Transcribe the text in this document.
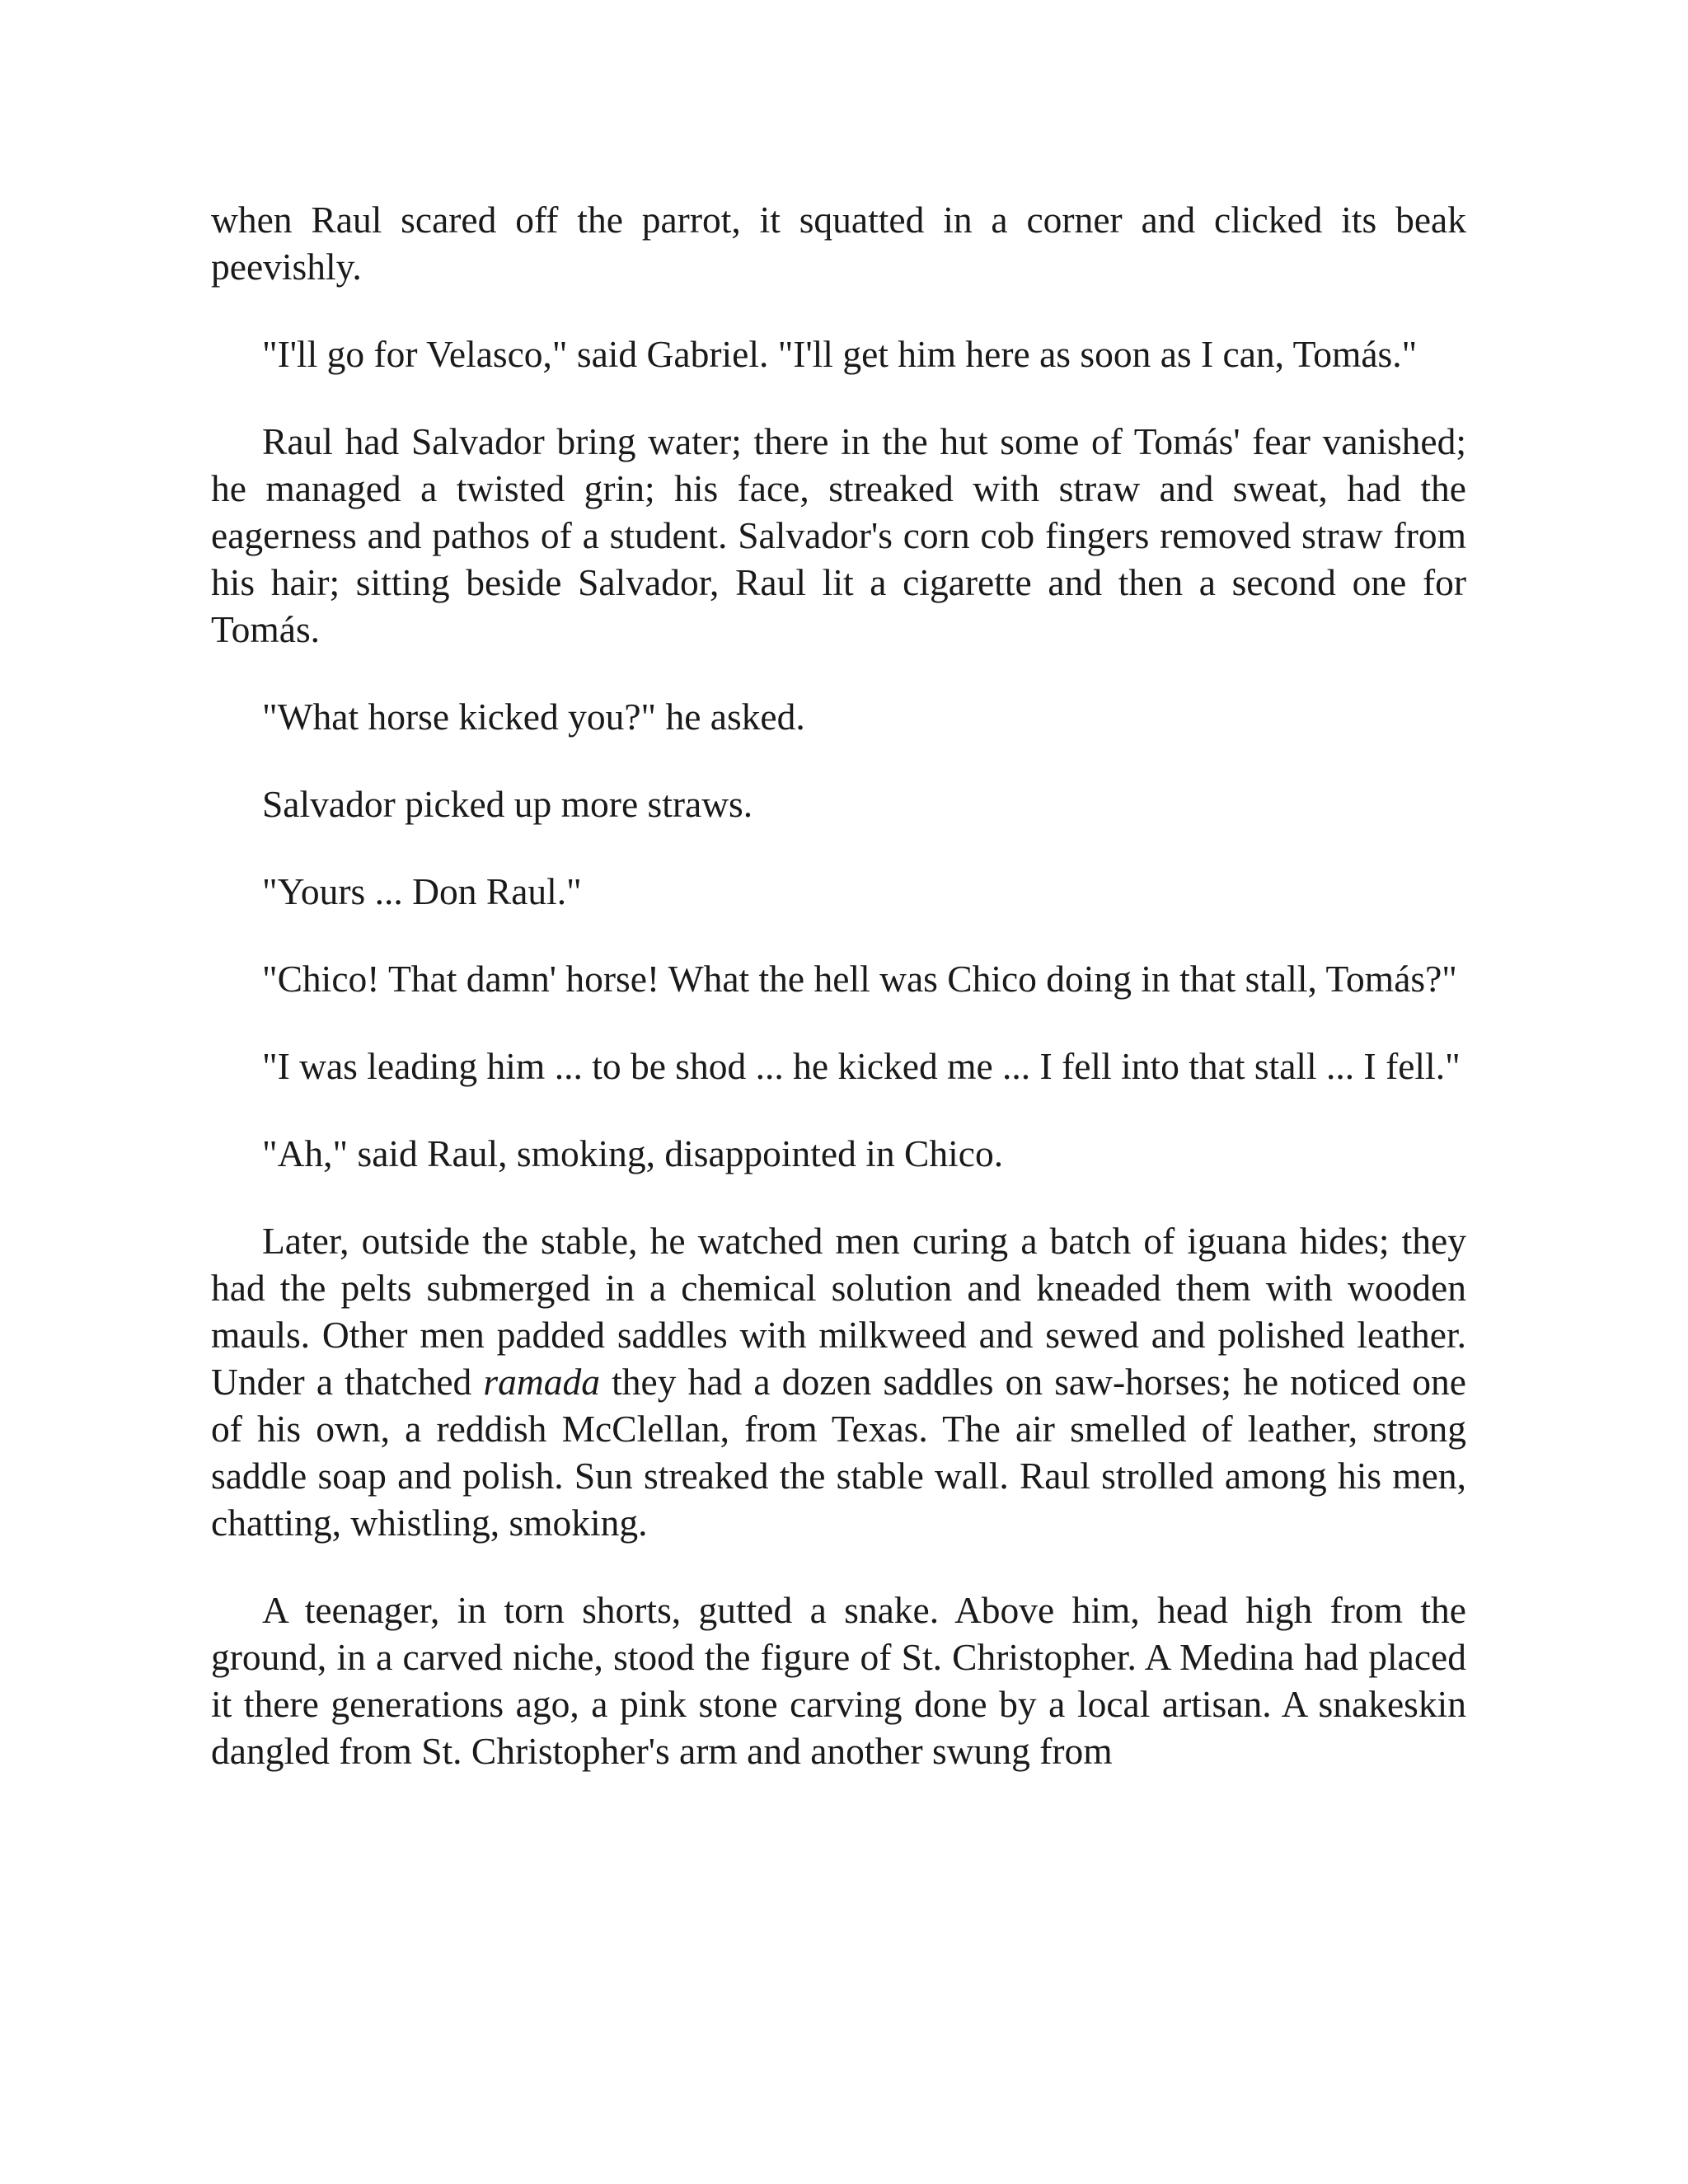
when Raul scared off the parrot, it squatted in a corner and clicked its beak peevishly.

"I'll go for Velasco," said Gabriel. "I'll get him here as soon as I can, Tomás."

Raul had Salvador bring water; there in the hut some of Tomás' fear vanished; he managed a twisted grin; his face, streaked with straw and sweat, had the eagerness and pathos of a student. Salvador's corn cob fingers removed straw from his hair; sitting beside Salvador, Raul lit a cigarette and then a second one for Tomás.

"What horse kicked you?" he asked.

Salvador picked up more straws.

"Yours ... Don Raul."

"Chico! That damn' horse! What the hell was Chico doing in that stall, Tomás?"

"I was leading him ... to be shod ... he kicked me ... I fell into that stall ... I fell."

"Ah," said Raul, smoking, disappointed in Chico.

Later, outside the stable, he watched men curing a batch of iguana hides; they had the pelts submerged in a chemical solution and kneaded them with wooden mauls. Other men padded saddles with milkweed and sewed and polished leather. Under a thatched ramada they had a dozen saddles on saw-horses; he noticed one of his own, a reddish McClellan, from Texas. The air smelled of leather, strong saddle soap and polish. Sun streaked the stable wall. Raul strolled among his men, chatting, whistling, smoking.

A teenager, in torn shorts, gutted a snake. Above him, head high from the ground, in a carved niche, stood the figure of St. Christopher. A Medina had placed it there generations ago, a pink stone carving done by a local artisan. A snakeskin dangled from St. Christopher's arm and another swung from
